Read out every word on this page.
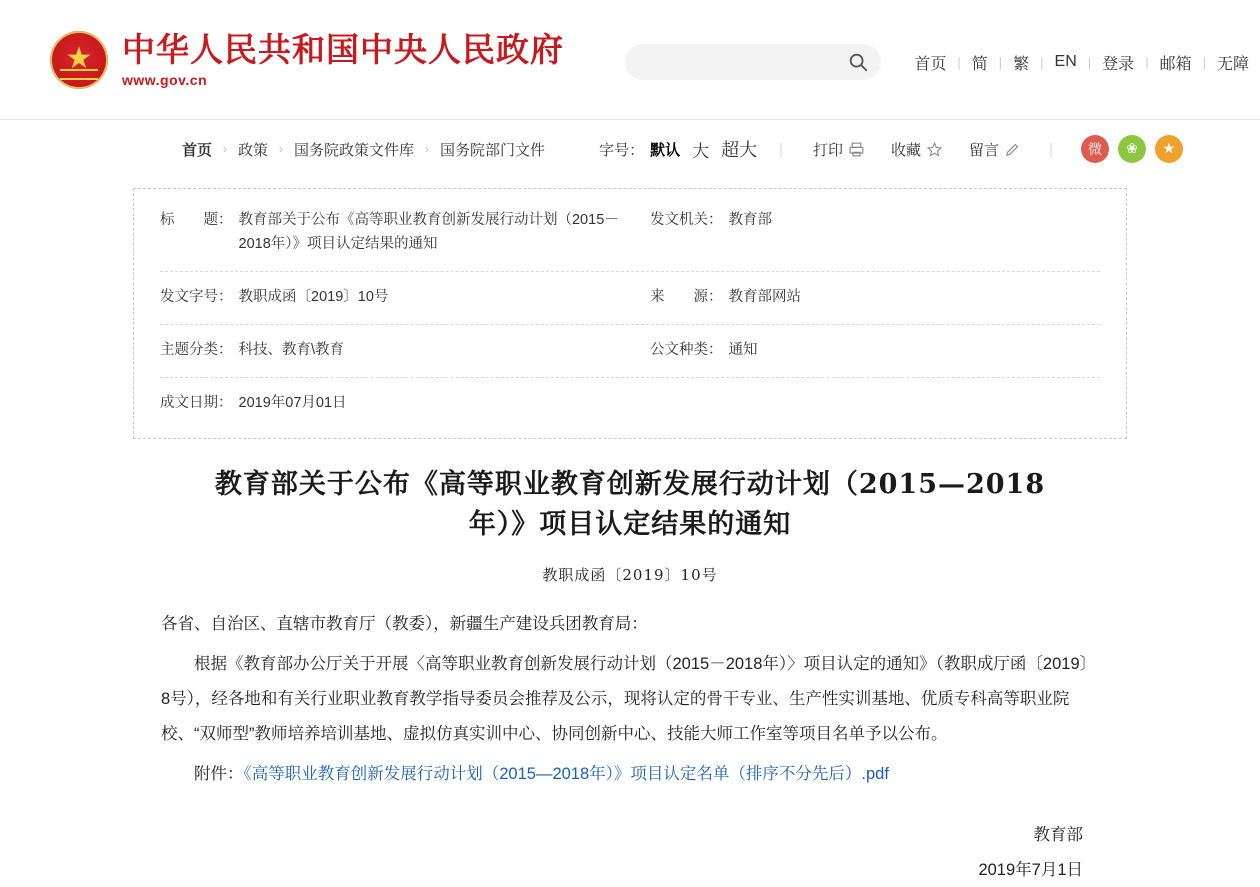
★
中华人民共和国中央人民政府
www.gov.cn
首页 | 简 | 繁 | EN | 登录 | 邮箱 | 无障
首页 › 政策 › 国务院政策文件库 › 国务院部门文件	字号： 默认 大 超大	|	打印	收藏	留言	|	微	❀	★
标　　题： 教育部关于公布《高等职业教育创新发展行动计划（2015－2018年）》项目认定结果的通知
发文机关： 教育部
发文字号： 教职成函〔2019〕10号	来　　源： 教育部网站
主题分类： 科技、教育\教育	公文种类： 通知
成文日期： 2019年07月01日
教育部关于公布《高等职业教育创新发展行动计划（2015—2018年）》项目认定结果的通知
教职成函〔2019〕10号

各省、自治区、直辖市教育厅（教委），新疆生产建设兵团教育局：

根据《教育部办公厅关于开展〈高等职业教育创新发展行动计划（2015－2018年）〉项目认定的通知》（教职成厅函〔2019〕8号），经各地和有关行业职业教育教学指导委员会推荐及公示，现将认定的骨干专业、生产性实训基地、优质专科高等职业院校、“双师型”教师培养培训基地、虚拟仿真实训中心、协同创新中心、技能大师工作室等项目名单予以公布。

附件：《高等职业教育创新发展行动计划（2015―2018年）》项目认定名单（排序不分先后）.pdf

教育部
2019年7月1日
